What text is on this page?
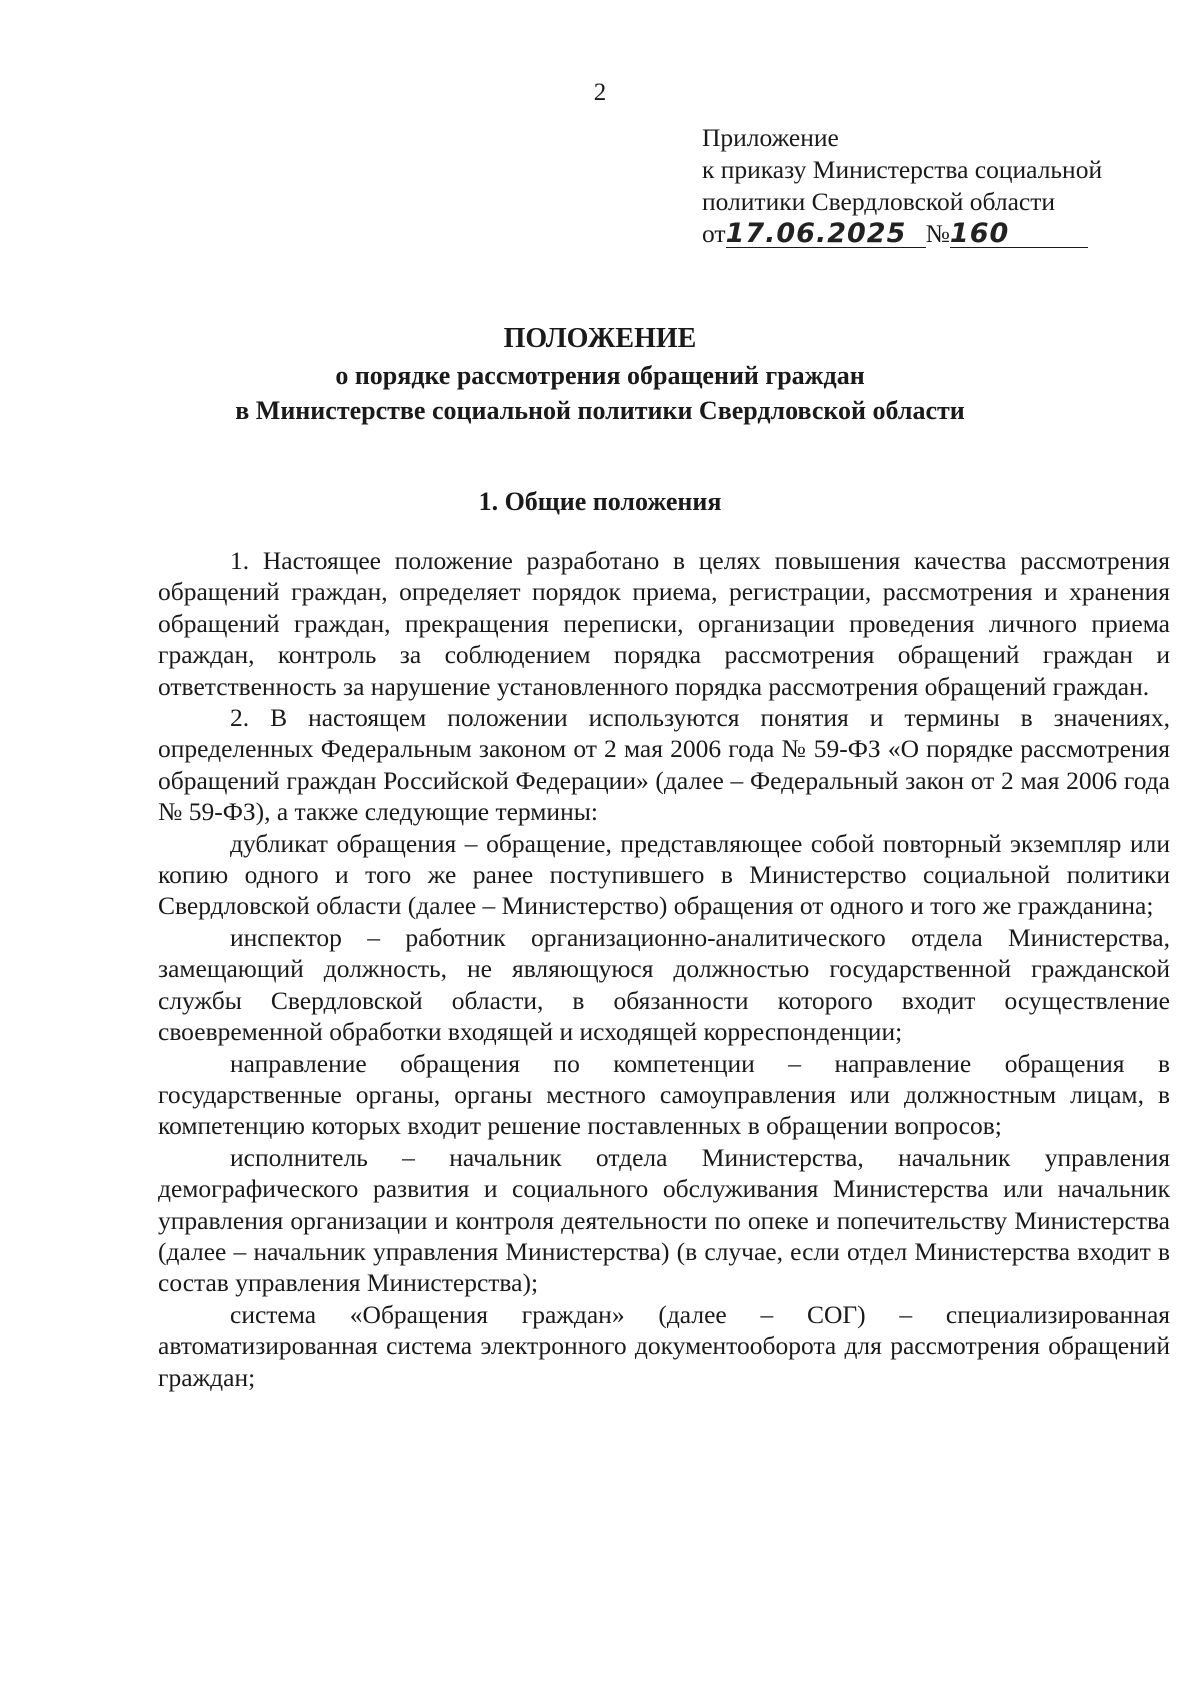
2
Приложение
к приказу Министерства социальной
политики Свердловской области
от17.06.2025 №160
ПОЛОЖЕНИЕ
о порядке рассмотрения обращений граждан
в Министерстве социальной политики Свердловской области
1. Общие положения

1. Настоящее положение разработано в целях повышения качества рассмотрения обращений граждан, определяет порядок приема, регистрации, рассмотрения и хранения обращений граждан, прекращения переписки, организации проведения личного приема граждан, контроль за соблюдением порядка рассмотрения обращений граждан и ответственность за нарушение установленного порядка рассмотрения обращений граждан.

2. В настоящем положении используются понятия и термины в значениях, определенных Федеральным законом от 2 мая 2006 года № 59-ФЗ «О порядке рассмотрения обращений граждан Российской Федерации» (далее – Федеральный закон от 2 мая 2006 года № 59-ФЗ), а также следующие термины:

дубликат обращения – обращение, представляющее собой повторный экземпляр или копию одного и того же ранее поступившего в Министерство социальной политики Свердловской области (далее – Министерство) обращения от одного и того же гражданина;

инспектор – работник организационно-аналитического отдела Министерства, замещающий должность, не являющуюся должностью государственной гражданской службы Свердловской области, в обязанности которого входит осуществление своевременной обработки входящей и исходящей корреспонденции;

направление обращения по компетенции – направление обращения в государственные органы, органы местного самоуправления или должностным лицам, в компетенцию которых входит решение поставленных в обращении вопросов;

исполнитель – начальник отдела Министерства, начальник управления демографического развития и социального обслуживания Министерства или начальник управления организации и контроля деятельности по опеке и попечительству Министерства (далее – начальник управления Министерства) (в случае, если отдел Министерства входит в состав управления Министерства);

система «Обращения граждан» (далее – СОГ) – специализированная автоматизированная система электронного документооборота для рассмотрения обращений граждан;
